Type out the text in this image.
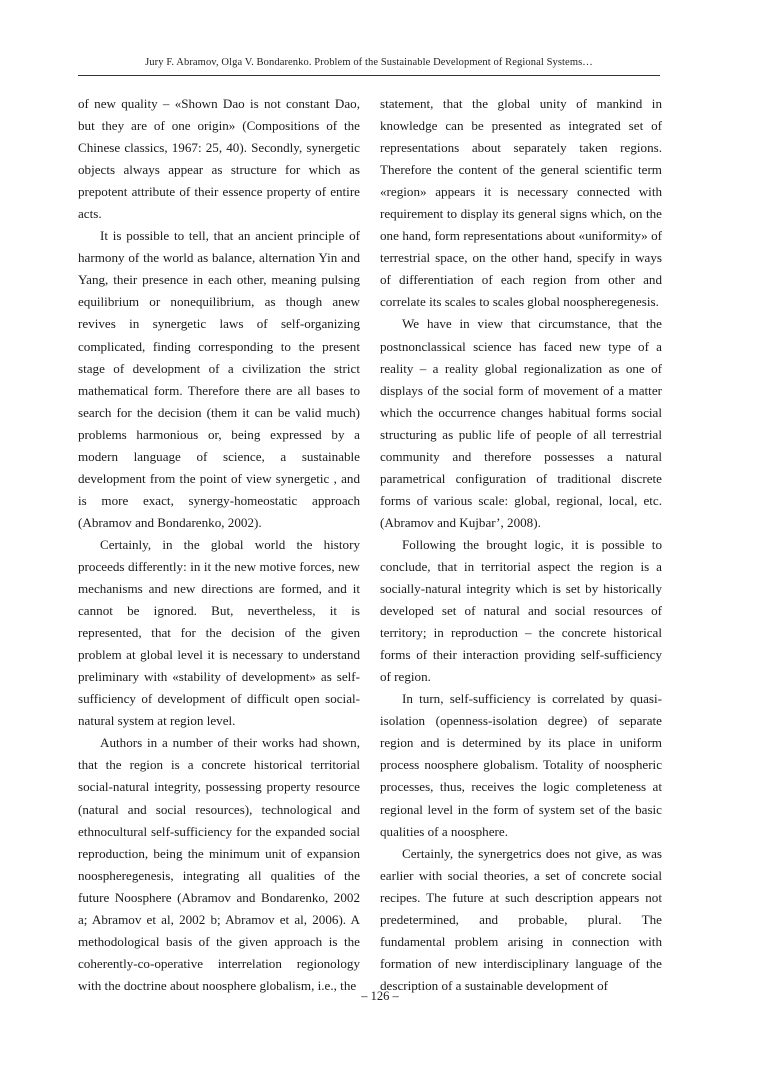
Jury F. Abramov, Olga V. Bondarenko. Problem of the Sustainable Development of Regional Systems…

of new quality – «Shown Dao is not constant Dao, but they are of one origin» (Compositions of the Chinese classics, 1967: 25, 40). Secondly, synergetic objects always appear as structure for which as prepotent attribute of their essence property of entire acts.

It is possible to tell, that an ancient principle of harmony of the world as balance, alternation Yin and Yang, their presence in each other, meaning pulsing equilibrium or nonequilibrium, as though anew revives in synergetic laws of self-organizing complicated, finding corresponding to the present stage of development of a civilization the strict mathematical form. Therefore there are all bases to search for the decision (them it can be valid much) problems harmonious or, being expressed by a modern language of science, a sustainable development from the point of view synergetic , and is more exact, synergy-homeostatic approach (Abramov and Bondarenko, 2002).

Certainly, in the global world the history proceeds differently: in it the new motive forces, new mechanisms and new directions are formed, and it cannot be ignored. But, nevertheless, it is represented, that for the decision of the given problem at global level it is necessary to understand preliminary with «stability of development» as self-sufficiency of development of difficult open social-natural system at region level.

Authors in a number of their works had shown, that the region is a concrete historical territorial social-natural integrity, possessing property resource (natural and social resources), technological and ethnocultural self-sufficiency for the expanded social reproduction, being the minimum unit of expansion noospheregenesis, integrating all qualities of the future Noosphere (Abramov and Bondarenko, 2002 a; Abramov et al, 2002 b; Abramov et al, 2006). A methodological basis of the given approach is the coherently-co-operative interrelation regionology with the doctrine about noosphere globalism, i.e., the

statement, that the global unity of mankind in knowledge can be presented as integrated set of representations about separately taken regions. Therefore the content of the general scientific term «region» appears it is necessary connected with requirement to display its general signs which, on the one hand, form representations about «uniformity» of terrestrial space, on the other hand, specify in ways of differentiation of each region from other and correlate its scales to scales global noospheregenesis.

We have in view that circumstance, that the postnonclassical science has faced new type of a reality – a reality global regionalization as one of displays of the social form of movement of a matter which the occurrence changes habitual forms social structuring as public life of people of all terrestrial community and therefore possesses a natural parametrical configuration of traditional discrete forms of various scale: global, regional, local, etc. (Abramov and Kujbar’, 2008).

Following the brought logic, it is possible to conclude, that in territorial aspect the region is a socially-natural integrity which is set by historically developed set of natural and social resources of territory; in reproduction – the concrete historical forms of their interaction providing self-sufficiency of region.

In turn, self-sufficiency is correlated by quasi-isolation (openness-isolation degree) of separate region and is determined by its place in uniform process noosphere globalism. Totality of noospheric processes, thus, receives the logic completeness at regional level in the form of system set of the basic qualities of a noosphere.

Certainly, the synergetrics does not give, as was earlier with social theories, a set of concrete social recipes. The future at such description appears not predetermined, and probable, plural. The fundamental problem arising in connection with formation of new interdisciplinary language of the description of a sustainable development of

– 126 –
